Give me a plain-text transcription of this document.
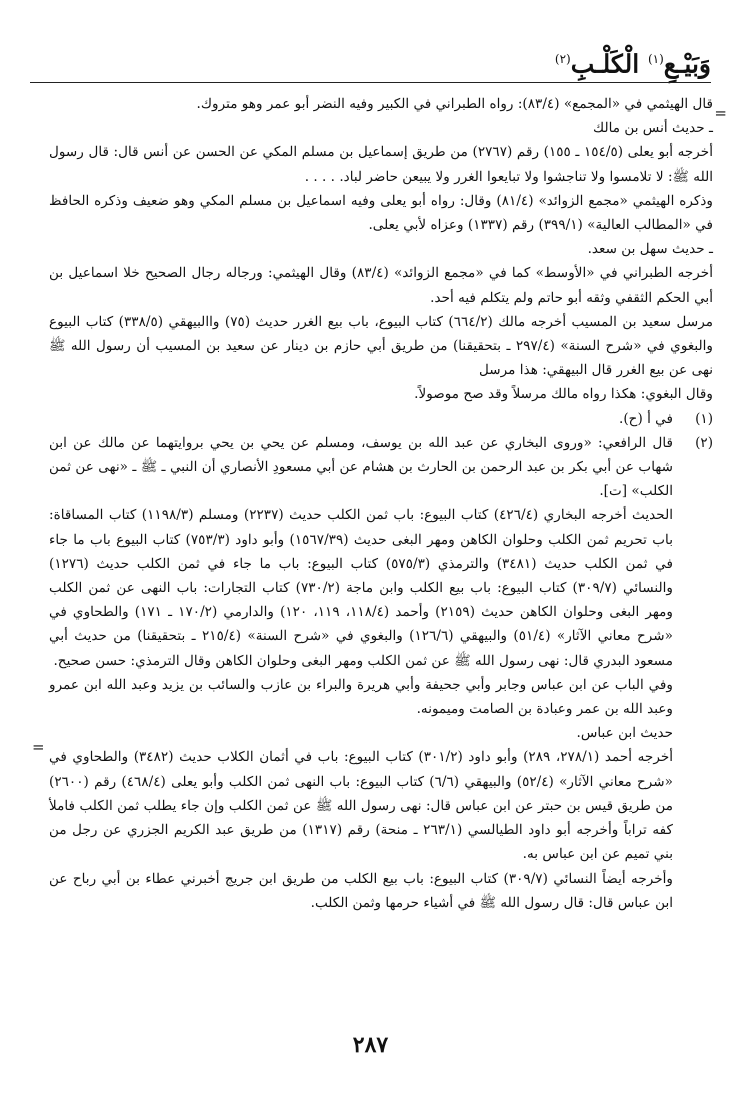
وَبَيْـعِ$^{(١)}$ الْكَلْـبِ$^{(٢)}$
=

قال الهيثمي في «المجمع» (٨٣/٤): رواه الطبراني في الكبير وفيه النضر أبو عمر وهو متروك.

ـ حديث أنس بن مالك

أخرجه أبو يعلى (١٥٤/٥ ـ ١٥٥) رقم (٢٧٦٧) من طريق إسماعيل بن مسلم المكي عن الحسن عن أنس قال: قال رسول الله ﷺ: لا تلامسوا ولا تناجشوا ولا تبايعوا الغرر ولا يبيعن حاضر لباد. . . . .

وذكره الهيثمي «مجمع الزوائد» (٨١/٤) وقال: رواه أبو يعلى وفيه اسماعيل بن مسلم المكي وهو ضعيف وذكره الحافظ في «المطالب العالية» (٣٩٩/١) رقم (١٣٣٧) وعزاه لأبي يعلى.

ـ حديث سهل بن سعد.

أخرجه الطبراني في «الأوسط» كما في «مجمع الزوائد» (٨٣/٤) وقال الهيثمي: ورجاله رجال الصحيح خلا اسماعيل بن أبي الحكم الثقفي وثقه أبو حاتم ولم يتكلم فيه أحد.

مرسل سعيد بن المسيب أخرجه مالك (٦٦٤/٢) كتاب البيوع، باب بيع الغرر حديث (٧٥) واالبيهقي (٣٣٨/٥) كتاب البيوع والبغوي في «شرح السنة» (٢٩٧/٤ ـ بتحقيقنا) من طريق أبي حازم بن دينار عن سعيد بن المسيب أن رسول الله ﷺ نهى عن بيع الغرر قال البيهقي: هذا مرسل

وقال البغوي: هكذا رواه مالك مرسلاً وقد صح موصولاً.

(١)

في أ (ح).

(٢)

قال الرافعي: «وروى البخاري عن عبد الله بن يوسف، ومسلم عن يحي بن يحي بروايتهما عن مالك عن ابن شهاب عن أبي بكر بن عبد الرحمن بن الحارث بن هشام عن أبي مسعودِ الأنصاري أن النبي ـ ﷺ ـ «نهى عن ثمن الكلب» [ت].

الحديث أخرجه البخاري (٤٢٦/٤) كتاب البيوع: باب ثمن الكلب حديث (٢٢٣٧) ومسلم (١١٩٨/٣) كتاب المساقاة: باب تحريم ثمن الكلب وحلوان الكاهن ومهر البغى حديث (١٥٦٧/٣٩) وأبو داود (٧٥٣/٣) كتاب البيوع باب ما جاء في ثمن الكلب حديث (٣٤٨١) والترمذي (٥٧٥/٣) كتاب البيوع: باب ما جاء في ثمن الكلب حديث (١٢٧٦) والنسائي (٣٠٩/٧) كتاب البيوع: باب بيع الكلب وابن ماجة (٧٣٠/٢) كتاب التجارات: باب النهى عن ثمن الكلب ومهر البغى وحلوان الكاهن حديث (٢١٥٩) وأحمد (١١٨/٤، ١١٩، ١٢٠) والدارمي (١٧٠/٢ ـ ١٧١) والطحاوي في «شرح معاني الآثار» (٥١/٤) والبيهقي (١٢٦/٦) والبغوي في «شرح السنة» (٢١٥/٤ ـ بتحقيقنا) من حديث أبي مسعود البدري قال: نهى رسول الله ﷺ عن ثمن الكلب ومهر البغى وحلوان الكاهن وقال الترمذي: حسن صحيح.

وفي الباب عن ابن عباس وجابر وأبي جحيفة وأبي هريرة والبراء بن عازب والسائب بن يزيد وعبد الله ابن عمرو وعبد الله بن عمر وعبادة بن الصامت وميمونه.

حديث ابن عباس.

أخرجه أحمد (٢٧٨/١، ٢٨٩) وأبو داود (٣٠١/٢) كتاب البيوع: باب في أثمان الكلاب حديث (٣٤٨٢) والطحاوي في «شرح معاني الآثار» (٥٢/٤) والبيهقي (٦/٦) كتاب البيوع: باب النهى ثمن الكلب وأبو يعلى (٤٦٨/٤) رقم (٢٦٠٠) من طريق قيس بن حبتر عن ابن عباس قال: نهى رسول الله ﷺ عن ثمن الكلب وإن جاء يطلب ثمن الكلب فاملأ كفه تراباً وأخرجه أبو داود الطيالسي (٢٦٣/١ ـ منحة) رقم (١٣١٧) من طريق عبد الكريم الجزري عن رجل من بني تميم عن ابن عباس به.

وأخرجه أيضاً النسائي (٣٠٩/٧) كتاب البيوع: باب بيع الكلب من طريق ابن جريج أخبرني عطاء بن أبي رباح عن ابن عباس قال: قال رسول الله ﷺ في أشياء حرمها وثمن الكلب.

=
٢٨٧
